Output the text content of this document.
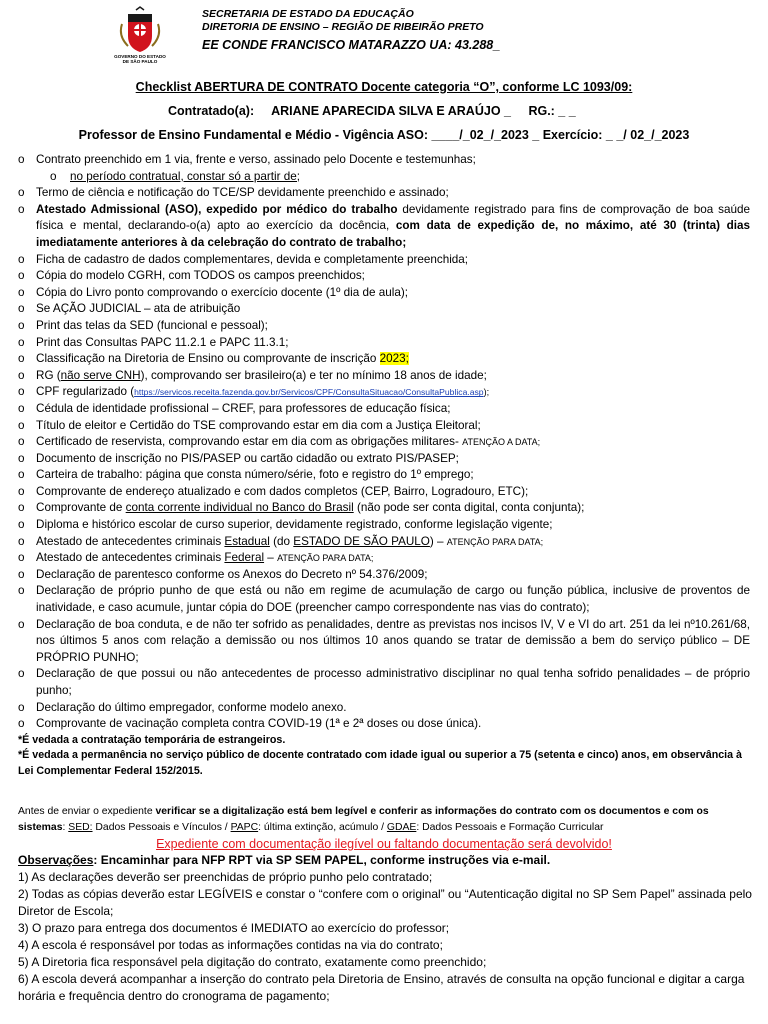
GOVERNO DO ESTADO
DE SÃO PAULO
SECRETARIA DE ESTADO DA EDUCAÇÃO
DIRETORIA DE ENSINO – REGIÃO DE RIBEIRÃO PRETO
EE CONDE FRANCISCO MATARAZZO UA: 43.288_
Checklist ABERTURA DE CONTRATO Docente categoria “O”, conforme LC 1093/09:
Contratado(a): ARIANE APARECIDA SILVA E ARAÚJO _ RG.: _ _
Professor de Ensino Fundamental e Médio - Vigência ASO: ____/_02_/_2023 _ Exercício: _ _/ 02_/_2023
o Contrato preenchido em 1 via, frente e verso, assinado pelo Docente e testemunhas;
o	no período contratual, constar só a partir de;
o Termo de ciência e notificação do TCE/SP devidamente preenchido e assinado;
o Atestado Admissional (ASO), expedido por médico do trabalho devidamente registrado para fins de comprovação de boa saúde física e mental, declarando-o(a) apto ao exercício da docência, com data de expedição de, no máximo, até 30 (trinta) dias imediatamente anteriores à da celebração do contrato de trabalho;
o Ficha de cadastro de dados complementares, devida e completamente preenchida;
o Cópia do modelo CGRH, com TODOS os campos preenchidos;
o Cópia do Livro ponto comprovando o exercício docente (1º dia de aula);
o Se AÇÃO JUDICIAL – ata de atribuição
o Print das telas da SED (funcional e pessoal);
o Print das Consultas PAPC 11.2.1 e PAPC 11.3.1;
o Classificação na Diretoria de Ensino ou comprovante de inscrição 2023;
o RG (não serve CNH), comprovando ser brasileiro(a) e ter no mínimo 18 anos de idade;
o CPF regularizado (https://servicos.receita.fazenda.gov.br/Servicos/CPF/ConsultaSituacao/ConsultaPublica.asp);
o Cédula de identidade profissional – CREF, para professores de educação física;
o Título de eleitor e Certidão do TSE comprovando estar em dia com a Justiça Eleitoral;
o Certificado de reservista, comprovando estar em dia com as obrigações militares- ATENÇÃO A DATA;
o Documento de inscrição no PIS/PASEP ou cartão cidadão ou extrato PIS/PASEP;
o Carteira de trabalho: página que consta número/série, foto e registro do 1º emprego;
o Comprovante de endereço atualizado e com dados completos (CEP, Bairro, Logradouro, ETC);
o Comprovante de conta corrente individual no Banco do Brasil (não pode ser conta digital, conta conjunta);
o Diploma e histórico escolar de curso superior, devidamente registrado, conforme legislação vigente;
o Atestado de antecedentes criminais Estadual (do ESTADO DE SÃO PAULO) – ATENÇÃO PARA DATA;
o Atestado de antecedentes criminais Federal – ATENÇÃO PARA DATA;
o Declaração de parentesco conforme os Anexos do Decreto nº 54.376/2009;
o Declaração de próprio punho de que está ou não em regime de acumulação de cargo ou função pública, inclusive de proventos de inatividade, e caso acumule, juntar cópia do DOE (preencher campo correspondente nas vias do contrato);
o Declaração de boa conduta, e de não ter sofrido as penalidades, dentre as previstas nos incisos IV, V e VI do art. 251 da lei nº10.261/68, nos últimos 5 anos com relação a demissão ou nos últimos 10 anos quando se tratar de demissão a bem do serviço público – DE PRÓPRIO PUNHO;
o Declaração de que possui ou não antecedentes de processo administrativo disciplinar no qual tenha sofrido penalidades – de próprio punho;
o Declaração do último empregador, conforme modelo anexo.
o Comprovante de vacinação completa contra COVID-19 (1ª e 2ª doses ou dose única).
*É vedada a contratação temporária de estrangeiros.
*É vedada a permanência no serviço público de docente contratado com idade igual ou superior a 75 (setenta e cinco) anos, em observância à Lei Complementar Federal 152/2015.
Antes de enviar o expediente verificar se a digitalização está bem legível e conferir as informações do contrato com os documentos e com os sistemas: SED: Dados Pessoais e Vínculos / PAPC: última extinção, acúmulo / GDAE: Dados Pessoais e Formação Curricular
Expediente com documentação ilegível ou faltando documentação será devolvido!
Observações: Encaminhar para NFP RPT via SP SEM PAPEL, conforme instruções via e-mail.
1) As declarações deverão ser preenchidas de próprio punho pelo contratado;
2) Todas as cópias deverão estar LEGÍVEIS e constar o “confere com o original” ou “Autenticação digital no SP Sem Papel” assinada pelo Diretor de Escola;
3) O prazo para entrega dos documentos é IMEDIATO ao exercício do professor;
4) A escola é responsável por todas as informações contidas na via do contrato;
5) A Diretoria fica responsável pela digitação do contrato, exatamente como preenchido;
6) A escola deverá acompanhar a inserção do contrato pela Diretoria de Ensino, através de consulta na opção funcional e digitar a carga horária e frequência dentro do cronograma de pagamento;
